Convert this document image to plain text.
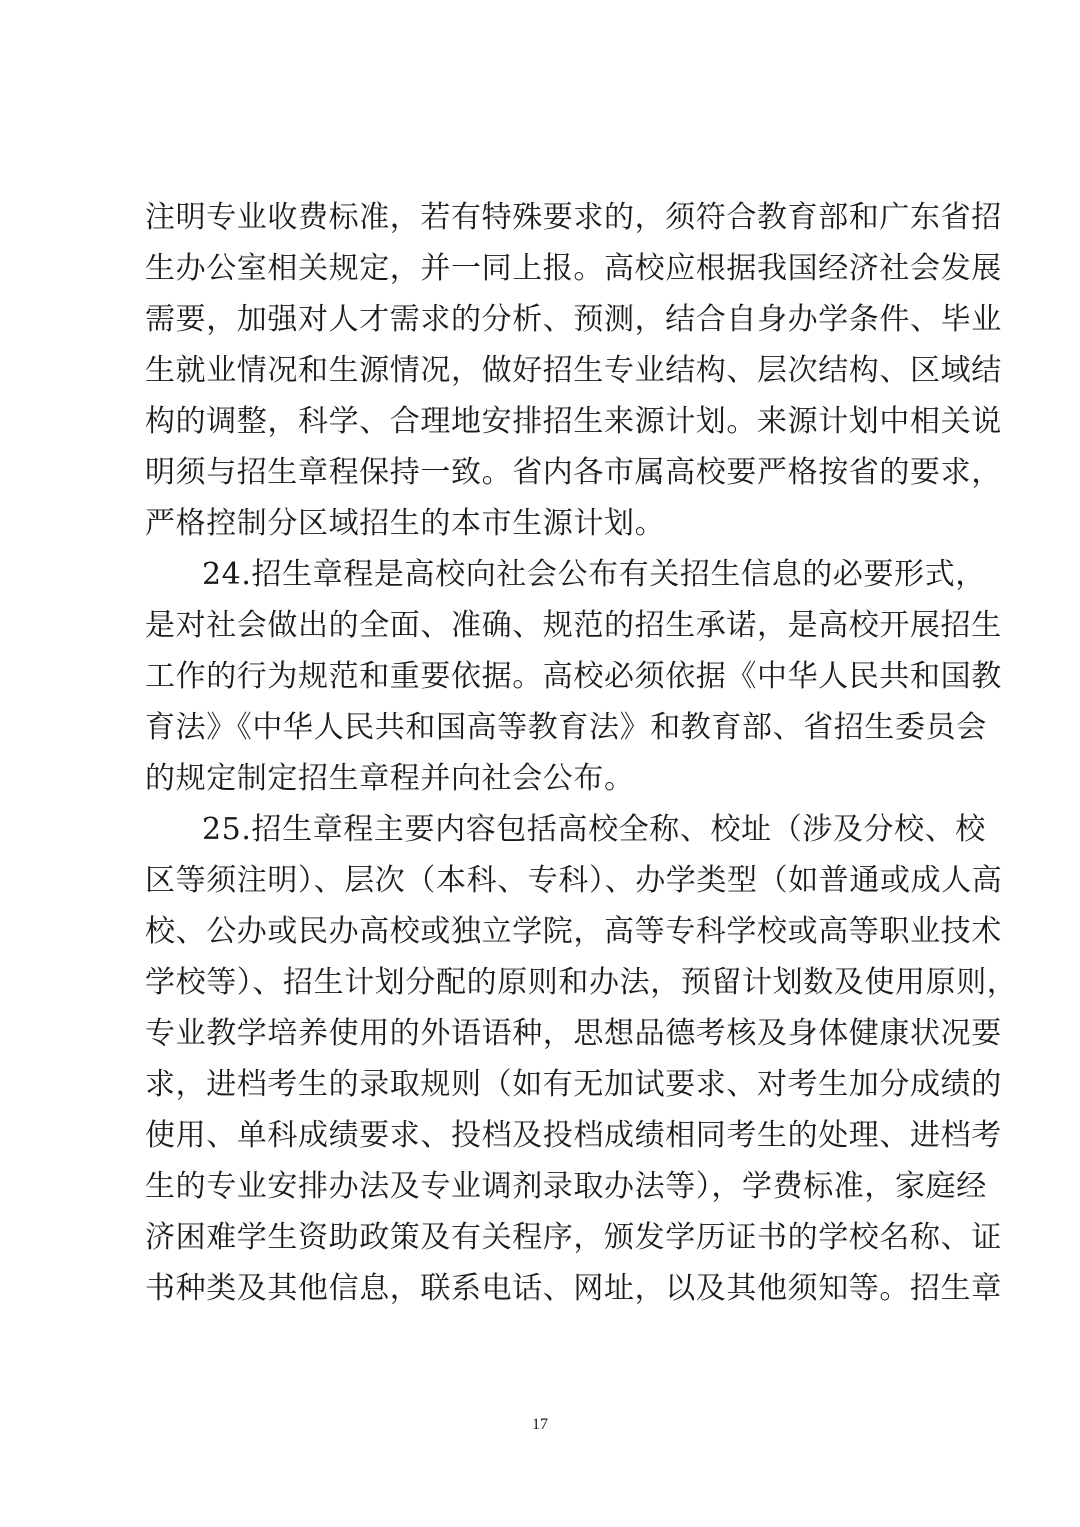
注明专业收费标准，若有特殊要求的，须符合教育部和广东省招
生办公室相关规定，并一同上报。高校应根据我国经济社会发展
需要，加强对人才需求的分析、预测，结合自身办学条件、毕业
生就业情况和生源情况，做好招生专业结构、层次结构、区域结
构的调整，科学、合理地安排招生来源计划。来源计划中相关说
明须与招生章程保持一致。省内各市属高校要严格按省的要求，
严格控制分区域招生的本市生源计划。
24.招生章程是高校向社会公布有关招生信息的必要形式，
是对社会做出的全面、准确、规范的招生承诺，是高校开展招生
工作的行为规范和重要依据。高校必须依据《中华人民共和国教
育法》《中华人民共和国高等教育法》和教育部、省招生委员会
的规定制定招生章程并向社会公布。
25.招生章程主要内容包括高校全称、校址（涉及分校、校
区等须注明）、层次（本科、专科）、办学类型（如普通或成人高
校、公办或民办高校或独立学院，高等专科学校或高等职业技术
学校等）、招生计划分配的原则和办法，预留计划数及使用原则，
专业教学培养使用的外语语种，思想品德考核及身体健康状况要
求，进档考生的录取规则（如有无加试要求、对考生加分成绩的
使用、单科成绩要求、投档及投档成绩相同考生的处理、进档考
生的专业安排办法及专业调剂录取办法等），学费标准，家庭经
济困难学生资助政策及有关程序，颁发学历证书的学校名称、证
书种类及其他信息，联系电话、网址，以及其他须知等。招生章
17
